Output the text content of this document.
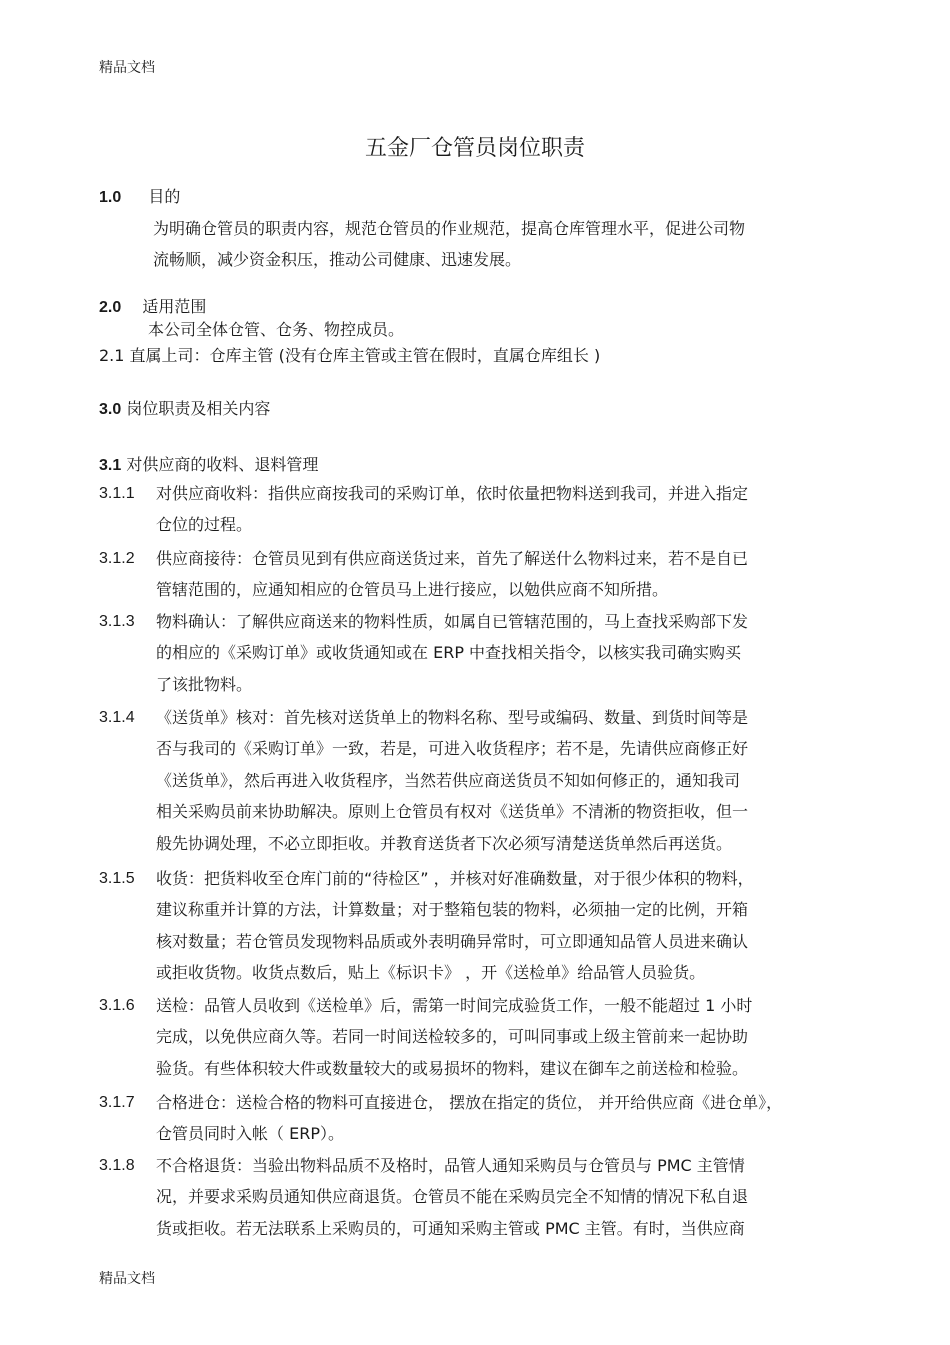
精品文档
五金厂仓管员岗位职责
1.0 目的
为明确仓管员的职责内容，规范仓管员的作业规范，提高仓库管理水平，促进公司物
流畅顺，减少资金积压，推动公司健康、迅速发展。
2.0 适用范围
本公司全体仓管、仓务、物控成员。
2.1 直属上司：仓库主管 (没有仓库主管或主管在假时，直属仓库组长 )
3.0 岗位职责及相关内容
3.1 对供应商的收料、退料管理
3.1.1 对供应商收料：指供应商按我司的采购订单，依时依量把物料送到我司，并进入指定
仓位的过程。
3.1.2 供应商接待：仓管员见到有供应商送货过来，首先了解送什么物料过来，若不是自已
管辖范围的，应通知相应的仓管员马上进行接应，以勉供应商不知所措。
3.1.3 物料确认：了解供应商送来的物料性质，如属自已管辖范围的，马上查找采购部下发
的相应的《采购订单》或收货通知或在 ERP 中查找相关指令，以核实我司确实购买
了该批物料。
3.1.4 《送货单》核对：首先核对送货单上的物料名称、型号或编码、数量、到货时间等是
否与我司的《采购订单》一致，若是，可进入收货程序；若不是，先请供应商修正好
《送货单》，然后再进入收货程序，当然若供应商送货员不知如何修正的，通知我司
相关采购员前来协助解决。原则上仓管员有权对《送货单》不清淅的物资拒收，但一
般先协调处理，不必立即拒收。并教育送货者下次必须写清楚送货单然后再送货。
3.1.5 收货：把货料收至仓库门前的“待检区” ，并核对好准确数量，对于很少体积的物料，
建议称重并计算的方法，计算数量；对于整箱包装的物料，必须抽一定的比例，开箱
核对数量；若仓管员发现物料品质或外表明确异常时，可立即通知品管人员进来确认
或拒收货物。收货点数后，贴上《标识卡》 ，开《送检单》给品管人员验货。
3.1.6 送检：品管人员收到《送检单》后，需第一时间完成验货工作，一般不能超过 1 小时
完成，以免供应商久等。若同一时间送检较多的，可叫同事或上级主管前来一起协助
验货。有些体积较大件或数量较大的或易损坏的物料，建议在御车之前送检和检验。
3.1.7 合格进仓：送检合格的物料可直接进仓， 摆放在指定的货位， 并开给供应商《进仓单》，
仓管员同时入帐（ ERP）。
3.1.8 不合格退货：当验出物料品质不及格时，品管人通知采购员与仓管员与 PMC 主管情
况，并要求采购员通知供应商退货。仓管员不能在采购员完全不知情的情况下私自退
货或拒收。若无法联系上采购员的，可通知采购主管或 PMC 主管。有时，当供应商
精品文档
